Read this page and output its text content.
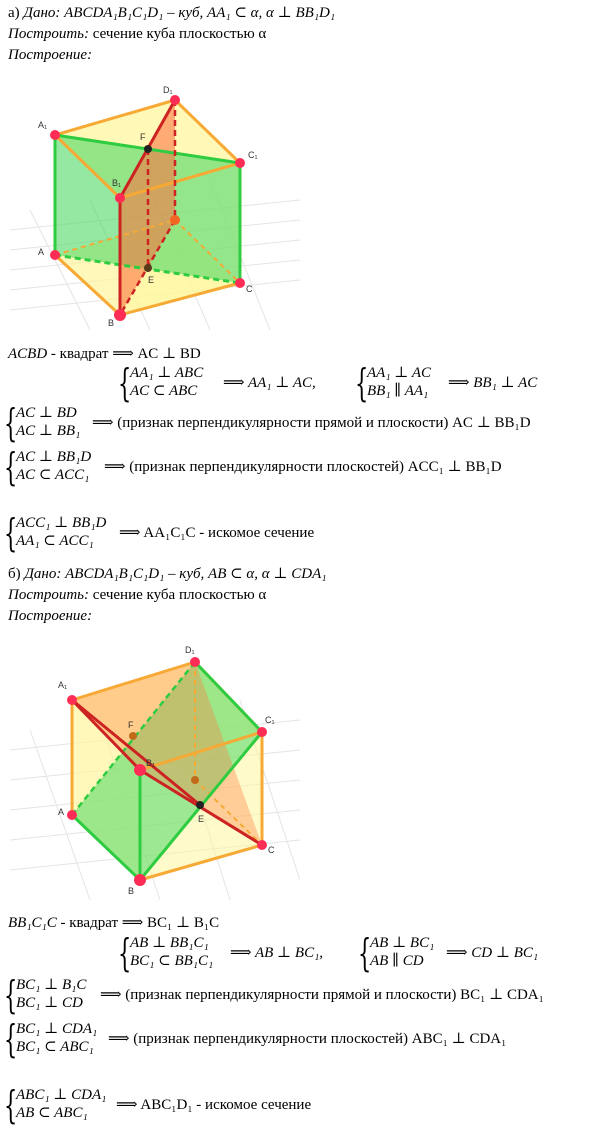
а) Дано: ABCDA₁B₁C₁D₁ – куб, AA₁ ⊂ α, α ⊥ BB₁D₁
Построить: сечение куба плоскостью α
Построение:
A₁
D₁
C₁
B₁
F
A
C
B
E
ACBD - квадрат ⟹ AC ⊥ BD
{
AA₁ ⊥ ABC
AC ⊂ ABC	⟹ AA₁ ⊥ AC, {
AA₁ ⊥ AC
BB₁ ∥ AA₁ ⟹ BB₁ ⊥ AC
{
AC ⊥ BD
AC ⊥ BB₁ ⟹ (признак перпендикулярности прямой и плоскости) AC ⊥ BB₁D
{
AC ⊥ BB₁D
AC ⊂ ACC₁ ⟹ (признак перпендикулярности плоскостей) ACC₁ ⊥ BB₁D
{
ACC₁ ⊥ BB₁D
AA₁ ⊂ ACC₁	⟹ AA₁C₁C - искомое сечение
б) Дано: ABCDA₁B₁C₁D₁ – куб, AB ⊂ α, α ⊥ CDA₁
Построить: сечение куба плоскостью α
Построение:
A₁
D₁
C₁
B₁
F
A
C
B
E
BB₁C₁C - квадрат ⟹ BC₁ ⊥ B₁C
{
AB ⊥ BB₁C₁
BC₁ ⊂ BB₁C₁ ⟹ AB ⊥ BC₁, {
AB ⊥ BC₁
AB ∥ CD	⟹ CD ⊥ BC₁
{
BC₁ ⊥ B₁C
BC₁ ⊥ CD ⟹ (признак перпендикулярности прямой и плоскости) BC₁ ⊥ CDA₁
{
BC₁ ⊥ CDA₁
BC₁ ⊂ ABC₁ ⟹ (признак перпендикулярности плоскостей) ABC₁ ⊥ CDA₁
{
ABC₁ ⊥ CDA₁
AB ⊂ ABC₁	⟹ ABC₁D₁ - искомое сечение
